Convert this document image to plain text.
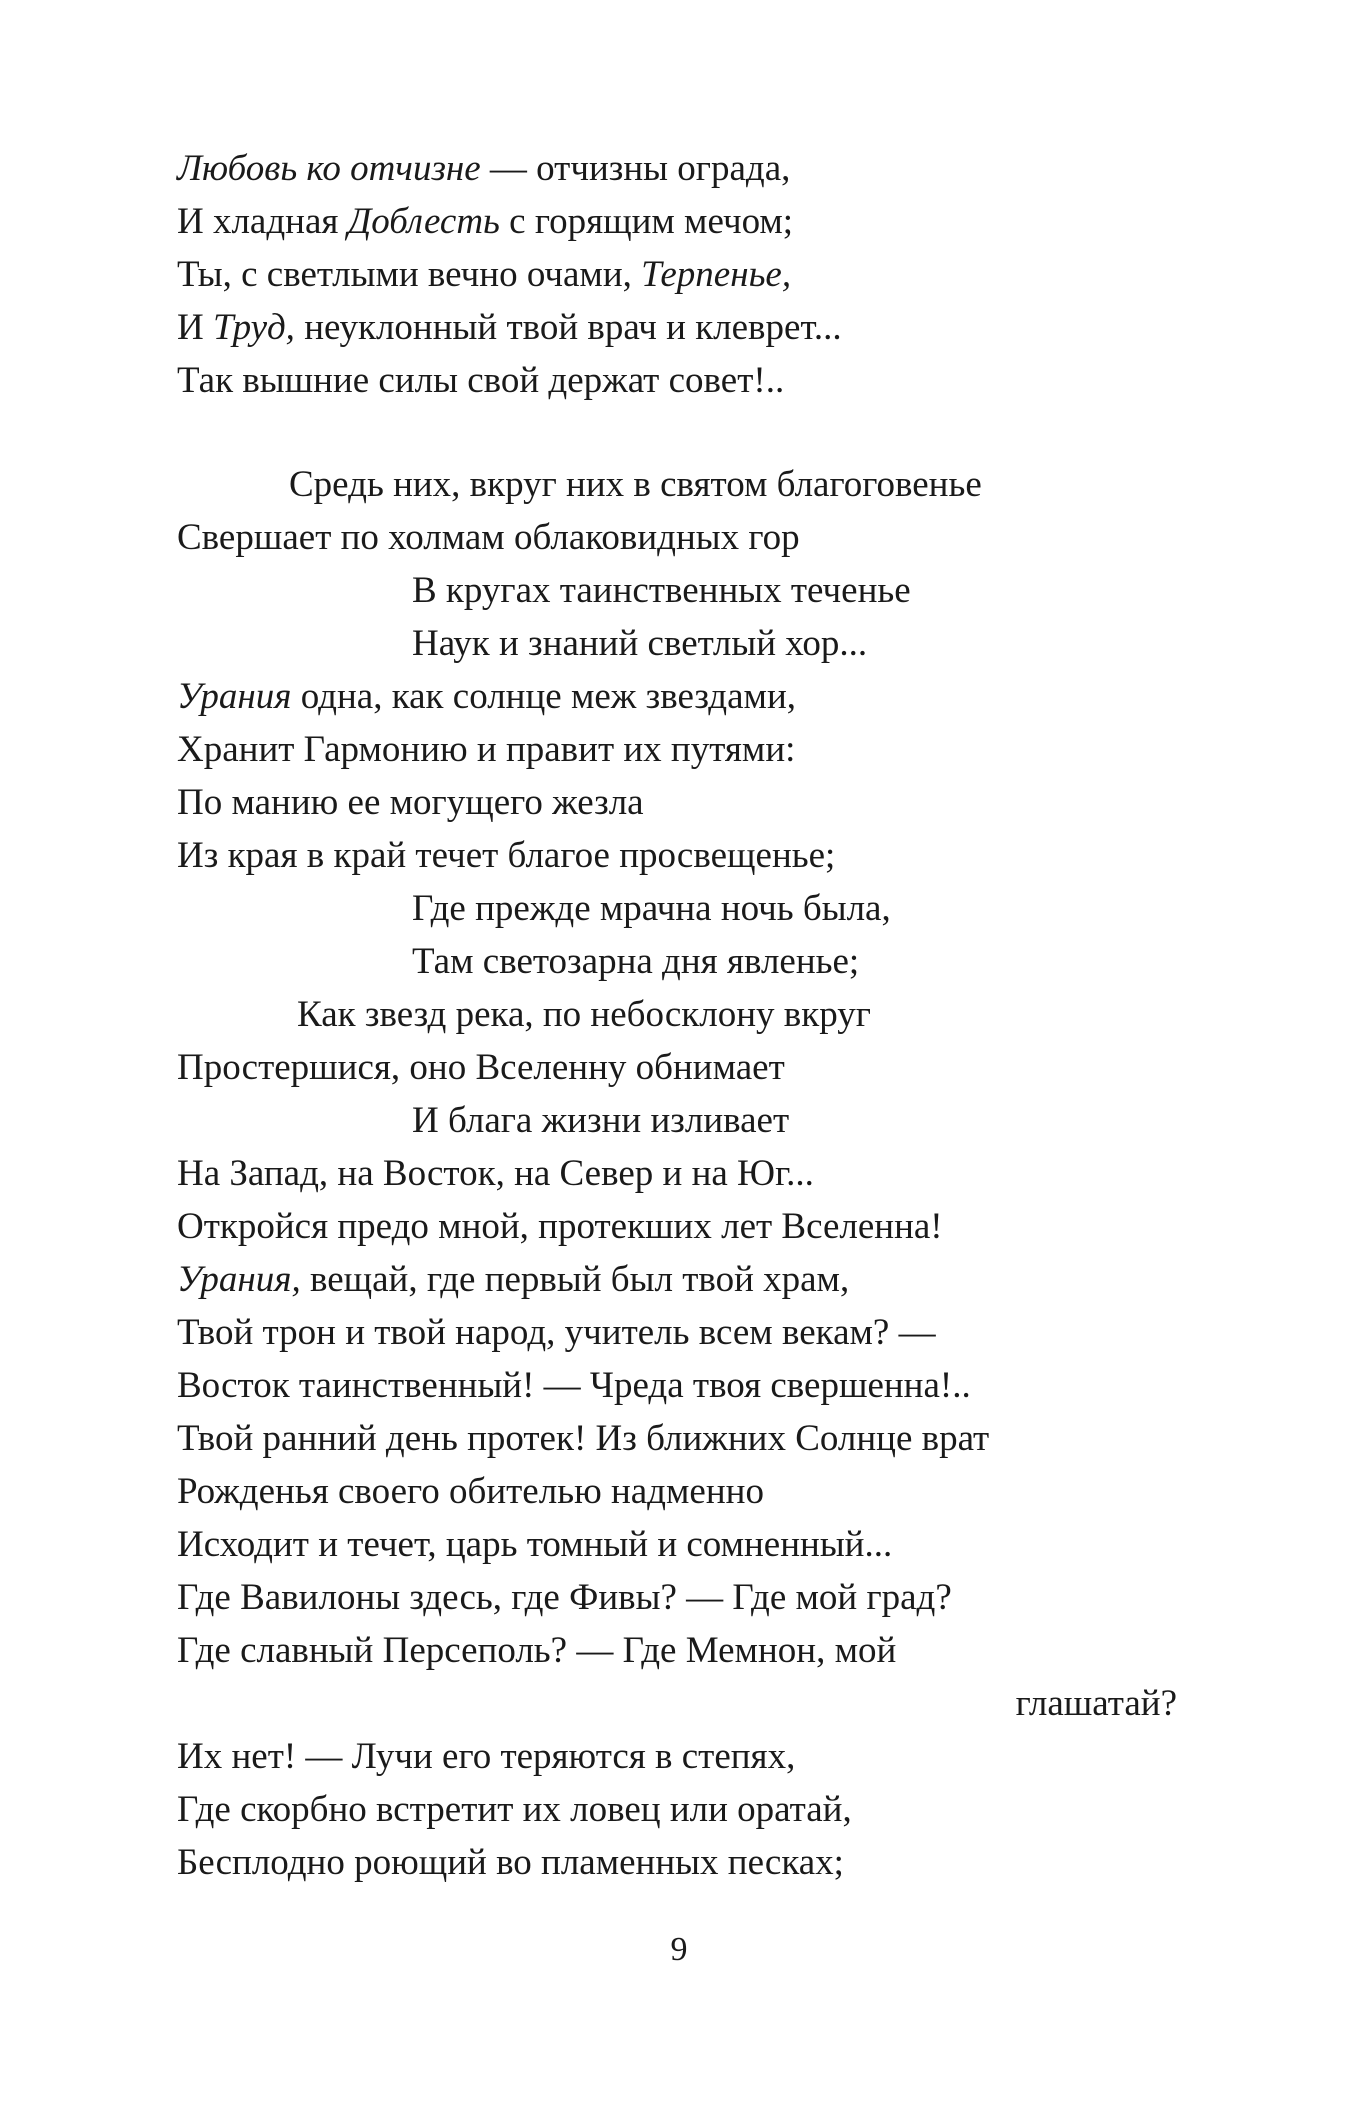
Любовь ко отчизне — отчизны ограда,
И хладная Доблесть с горящим мечом;
Ты, с светлыми вечно очами, Терпенье,
И Труд, неуклонный твой врач и клеврет...
Так вышние силы свой держат совет!..
Средь них, вкруг них в святом благоговенье
Свершает по холмам облаковидных гор
В кругах таинственных теченье
Наук и знаний светлый хор...
Урания одна, как солнце меж звездами,
Хранит Гармонию и правит их путями:
По манию ее могущего жезла
Из края в край течет благое просвещенье;
Где прежде мрачна ночь была,
Там светозарна дня явленье;
Как звезд река, по небосклону вкруг
Простершися, оно Вселенну обнимает
И блага жизни изливает
На Запад, на Восток, на Север и на Юг...
Откройся предо мной, протекших лет Вселенна!
Урания, вещай, где первый был твой храм,
Твой трон и твой народ, учитель всем векам? —
Восток таинственный! — Чреда твоя свершенна!..
Твой ранний день протек! Из ближних Солнце врат
Рожденья своего обителью надменно
Исходит и течет, царь томный и сомненный...
Где Вавилоны здесь, где Фивы? — Где мой град?
Где славный Персеполь? — Где Мемнон, мой
глашатай?
Их нет! — Лучи его теряются в степях,
Где скорбно встретит их ловец или оратай,
Бесплодно роющий во пламенных песках;
9
